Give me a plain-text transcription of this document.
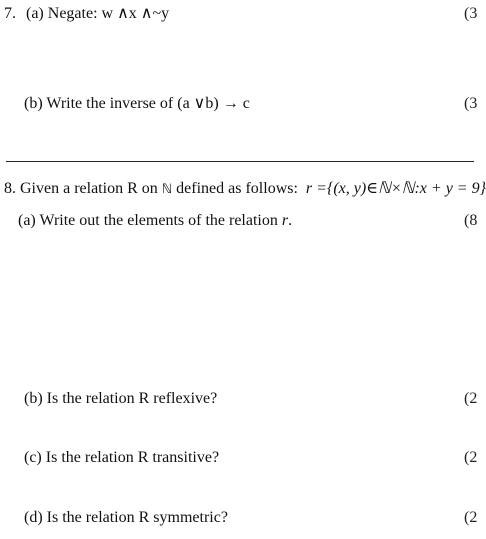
7. (a) Negate: w ∧x ∧~y	(3
(b) Write the inverse of (a ∨b) → c	(3
8. Given a relation R on ℕ defined as follows: r ={(x, y)∈ℕ×ℕ:x + y = 9}
(a) Write out the elements of the relation r.	(8
(b) Is the relation R reflexive?	(2
(c) Is the relation R transitive?	(2
(d) Is the relation R symmetric?	(2
